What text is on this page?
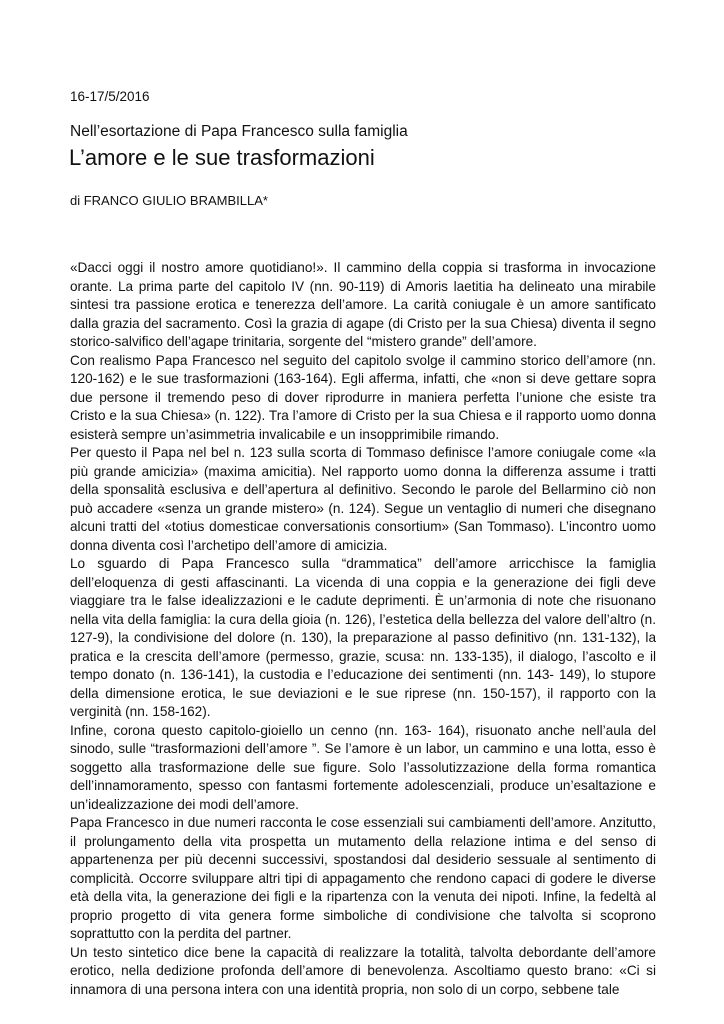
16-17/5/2016
Nell’esortazione di Papa Francesco sulla famiglia
L’amore e le sue trasformazioni
di FRANCO GIULIO BRAMBILLA*

«Dacci oggi il nostro amore quotidiano!». Il cammino della coppia si trasforma in invocazione orante. La prima parte del capitolo IV (nn. 90-119) di Amoris laetitia ha delineato una mirabile sintesi tra passione erotica e tenerezza dell’amore. La carità coniugale è un amore santificato dalla grazia del sacramento. Così la grazia di agape (di Cristo per la sua Chiesa) diventa il segno storico-salvifico dell’agape trinitaria, sorgente del “mistero grande” dell’amore.

Con realismo Papa Francesco nel seguito del capitolo svolge il cammino storico dell’amore (nn. 120-162) e le sue trasformazioni (163-164). Egli afferma, infatti, che «non si deve gettare sopra due persone il tremendo peso di dover riprodurre in maniera perfetta l’unione che esiste tra Cristo e la sua Chiesa» (n. 122). Tra l’amore di Cristo per la sua Chiesa e il rapporto uomo donna esisterà sempre un’asimmetria invalicabile e un insopprimibile rimando.

Per questo il Papa nel bel n. 123 sulla scorta di Tommaso definisce l’amore coniugale come «la più grande amicizia» (maxima amicitia). Nel rapporto uomo donna la differenza assume i tratti della sponsalità esclusiva e dell’apertura al definitivo. Secondo le parole del Bellarmino ciò non può accadere «senza un grande mistero» (n. 124). Segue un ventaglio di numeri che disegnano alcuni tratti del «totius domesticae conversationis consortium» (San Tommaso). L’incontro uomo donna diventa così l’archetipo dell’amore di amicizia.

Lo sguardo di Papa Francesco sulla “drammatica” dell’amore arricchisce la famiglia dell’eloquenza di gesti affascinanti. La vicenda di una coppia e la generazione dei figli deve viaggiare tra le false idealizzazioni e le cadute deprimenti. È un’armonia di note che risuonano nella vita della famiglia: la cura della gioia (n. 126), l’estetica della bellezza del valore dell’altro (n. 127-9), la condivisione del dolore (n. 130), la preparazione al passo definitivo (nn. 131-132), la pratica e la crescita dell’amore (permesso, grazie, scusa: nn. 133-135), il dialogo, l’ascolto e il tempo donato (n. 136-141), la custodia e l’educazione dei sentimenti (nn. 143- 149), lo stupore della dimensione erotica, le sue deviazioni e le sue riprese (nn. 150-157), il rapporto con la verginità (nn. 158-162).

Infine, corona questo capitolo-gioiello un cenno (nn. 163- 164), risuonato anche nell’aula del sinodo, sulle “trasformazioni dell’amore ”. Se l’amore è un labor, un cammino e una lotta, esso è soggetto alla trasformazione delle sue figure. Solo l’assolutizzazione della forma romantica dell’innamoramento, spesso con fantasmi fortemente adolescenziali, produce un’esaltazione e un’idealizzazione dei modi dell’amore.

Papa Francesco in due numeri racconta le cose essenziali sui cambiamenti dell’amore. Anzitutto, il prolungamento della vita prospetta un mutamento della relazione intima e del senso di appartenenza per più decenni successivi, spostandosi dal desiderio sessuale al sentimento di complicità. Occorre sviluppare altri tipi di appagamento che rendono capaci di godere le diverse età della vita, la generazione dei figli e la ripartenza con la venuta dei nipoti. Infine, la fedeltà al proprio progetto di vita genera forme simboliche di condivisione che talvolta si scoprono soprattutto con la perdita del partner.

Un testo sintetico dice bene la capacità di realizzare la totalità, talvolta debordante dell’amore erotico, nella dedizione profonda dell’amore di benevolenza. Ascoltiamo questo brano: «Ci si innamora di una persona intera con una identità propria, non solo di un corpo, sebbene tale
